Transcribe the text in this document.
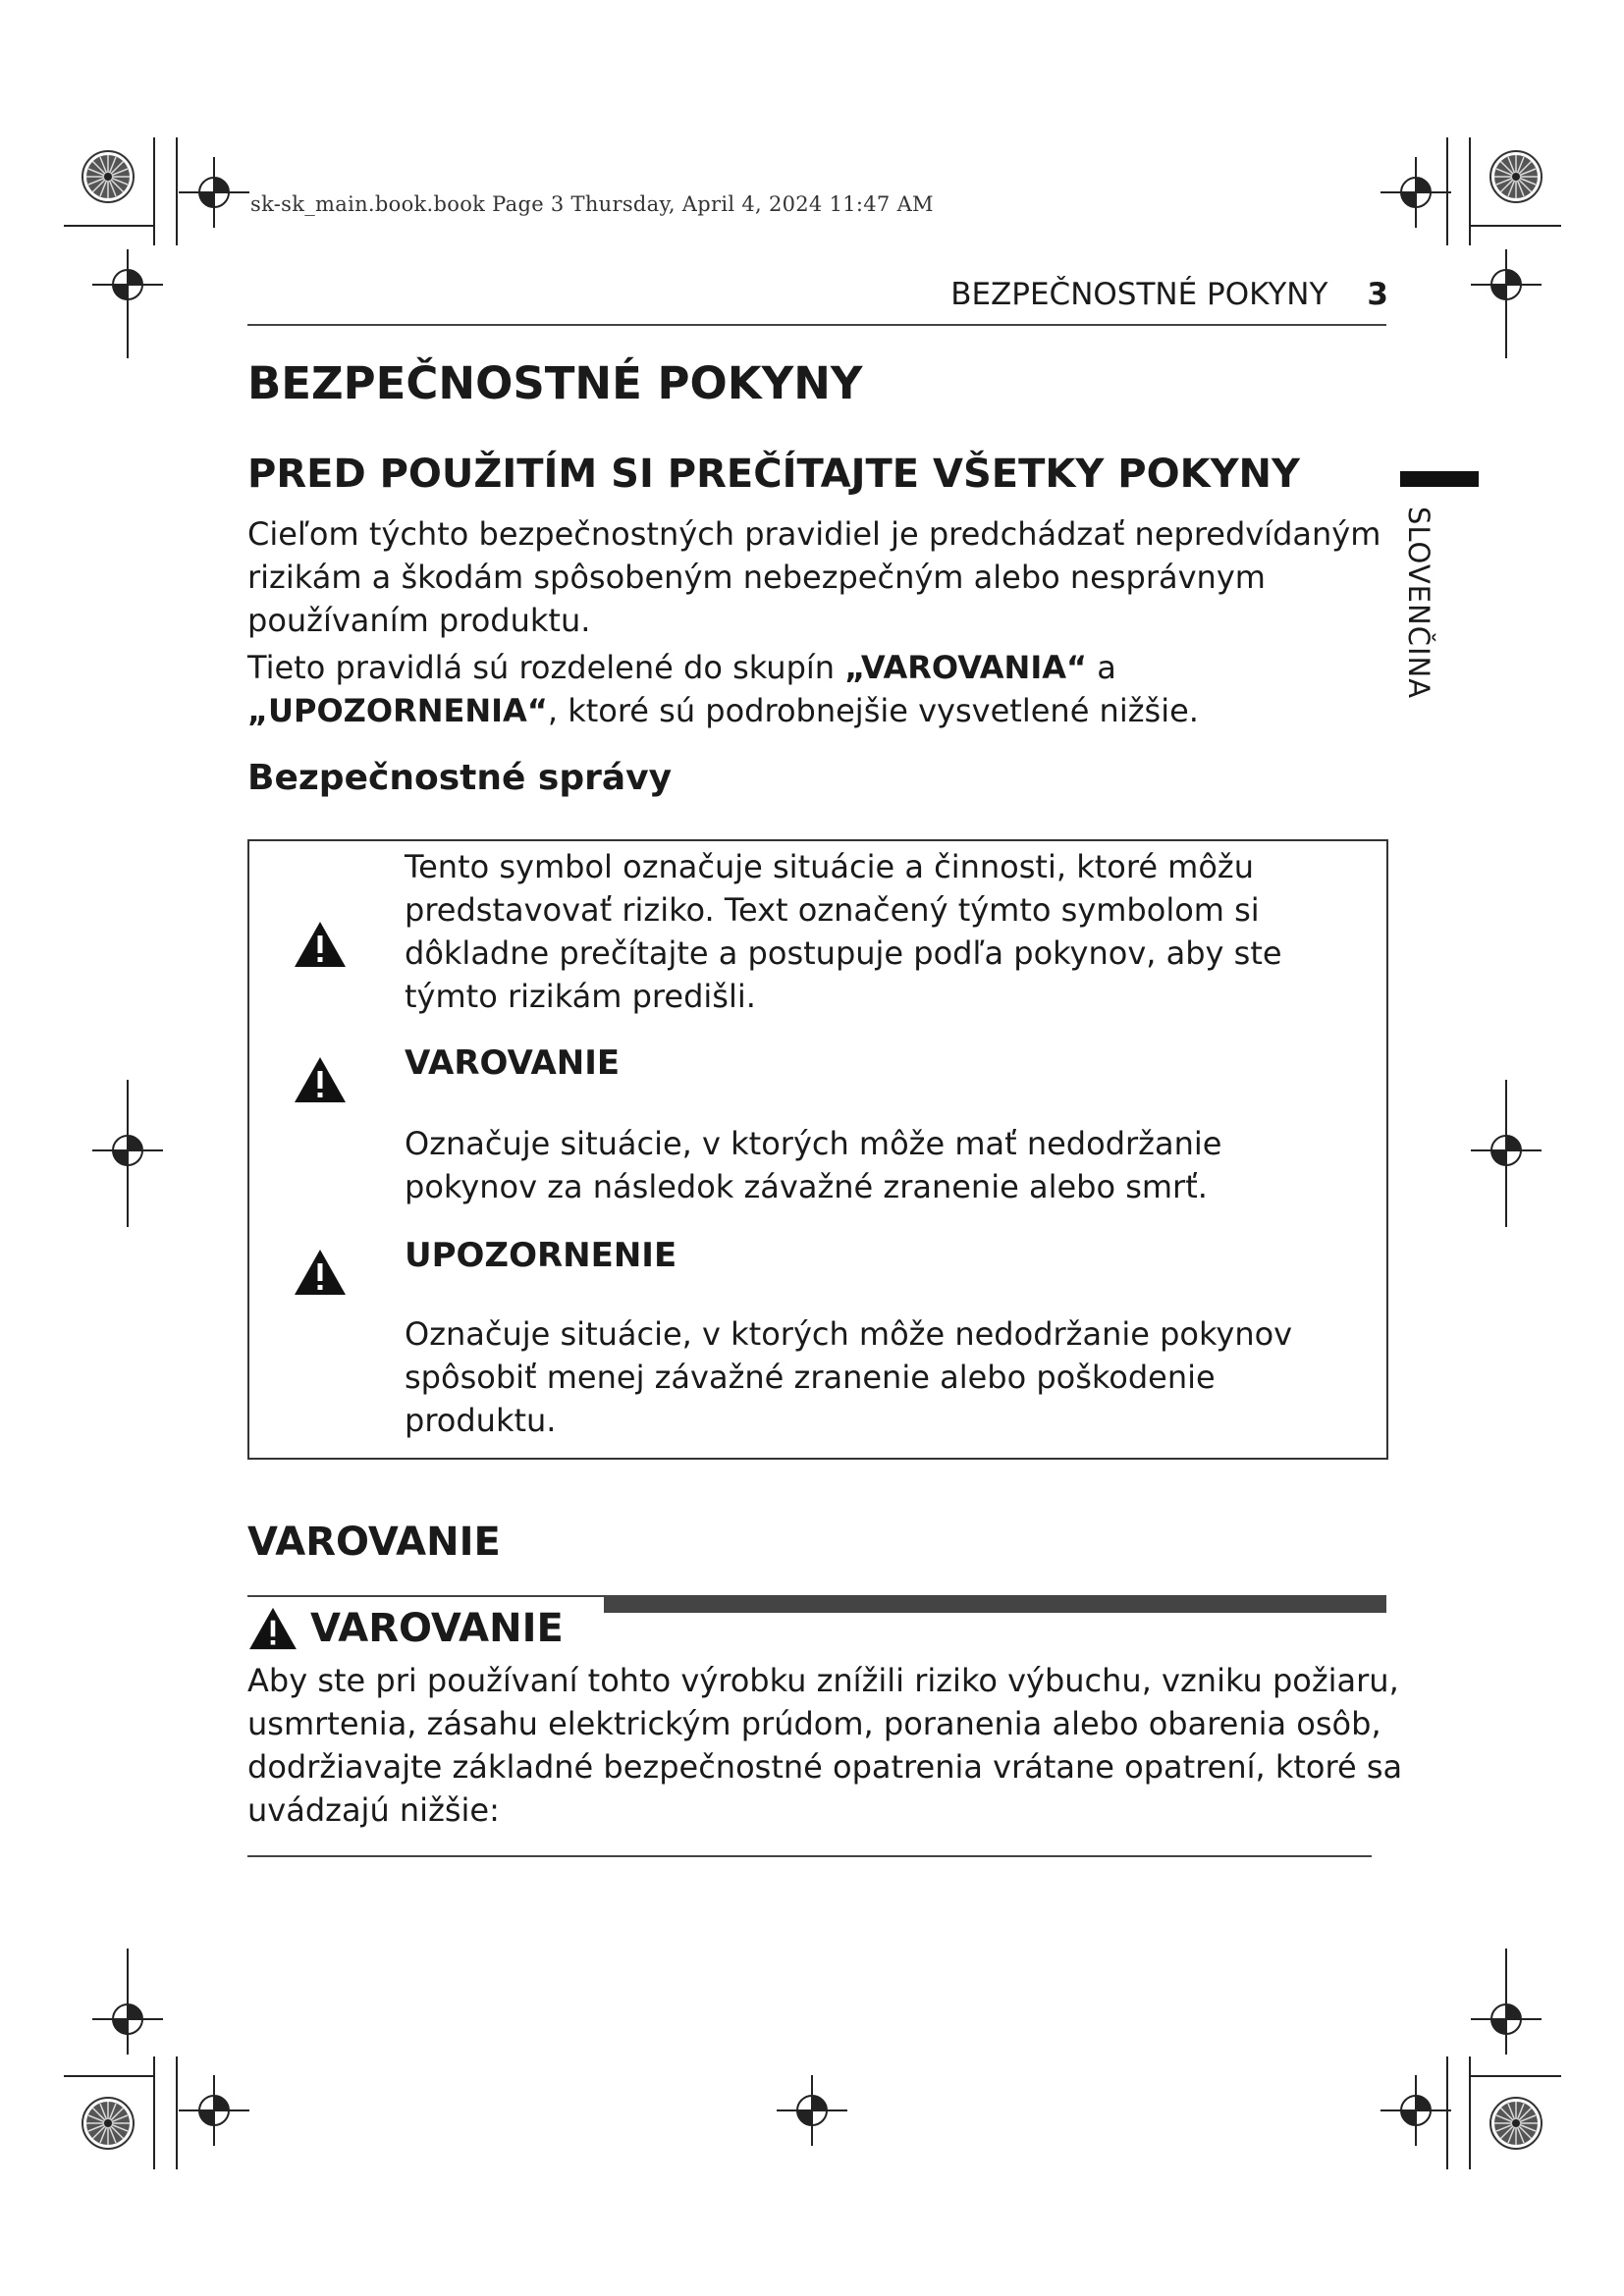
sk-sk_main.book.book Page 3 Thursday, April 4, 2024 11:47 AM
BEZPEČNOSTNÉ POKYNY 3
SLOVENČINA
BEZPEČNOSTNÉ POKYNY
PRED POUŽITÍM SI PREČÍTAJTE VŠETKY POKYNY
Cieľom týchto bezpečnostných pravidiel je predchádzať nepredvídaným rizikám a škodám spôsobeným nebezpečným alebo nesprávnym používaním produktu.
Tieto pravidlá sú rozdelené do skupín „VAROVANIA“ a
„UPOZORNENIA“, ktoré sú podrobnejšie vysvetlené nižšie.
Bezpečnostné správy
Tento symbol označuje situácie a činnosti, ktoré môžu predstavovať riziko. Text označený týmto symbolom si dôkladne prečítajte a postupuje podľa pokynov, aby ste týmto rizikám predišli.
VAROVANIE
Označuje situácie, v ktorých môže mať nedodržanie pokynov za následok závažné zranenie alebo smrť.
UPOZORNENIE
Označuje situácie, v ktorých môže nedodržanie pokynov spôsobiť menej závažné zranenie alebo poškodenie produktu.
VAROVANIE
VAROVANIE
Aby ste pri používaní tohto výrobku znížili riziko výbuchu, vzniku požiaru, usmrtenia, zásahu elektrickým prúdom, poranenia alebo obarenia osôb, dodržiavajte základné bezpečnostné opatrenia vrátane opatrení, ktoré sa uvádzajú nižšie:
